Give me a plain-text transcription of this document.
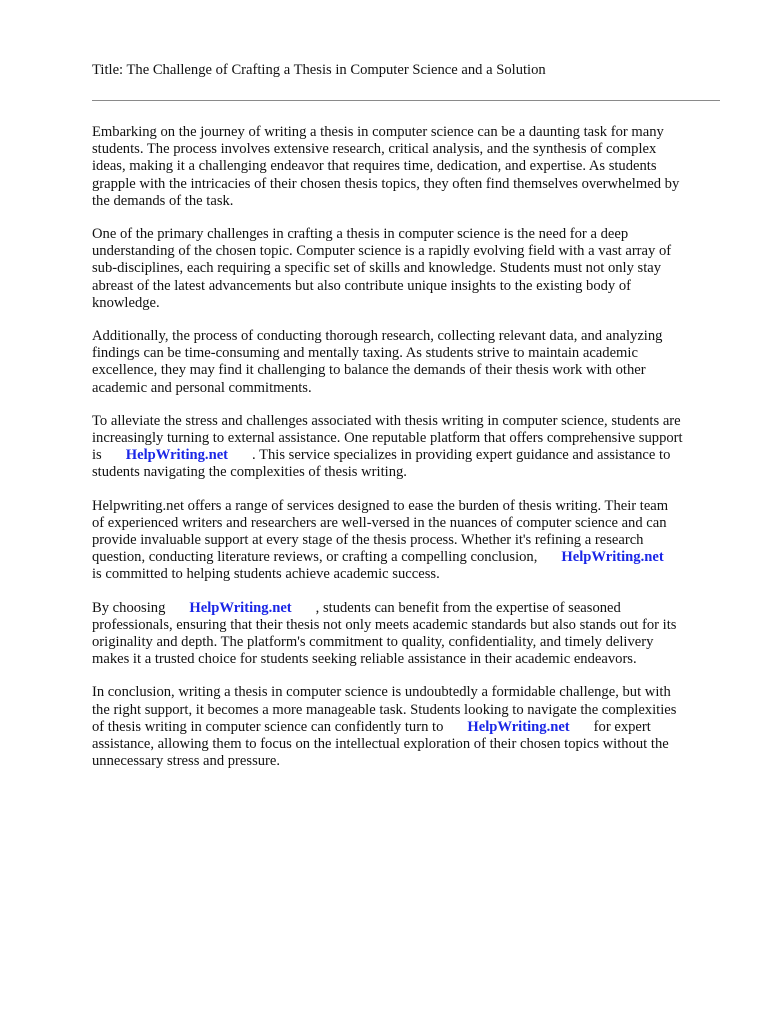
Title: The Challenge of Crafting a Thesis in Computer Science and a Solution

Embarking on the journey of writing a thesis in computer science can be a daunting task for many
students. The process involves extensive research, critical analysis, and the synthesis of complex
ideas, making it a challenging endeavor that requires time, dedication, and expertise. As students
grapple with the intricacies of their chosen thesis topics, they often find themselves overwhelmed by
the demands of the task.

One of the primary challenges in crafting a thesis in computer science is the need for a deep
understanding of the chosen topic. Computer science is a rapidly evolving field with a vast array of
sub-disciplines, each requiring a specific set of skills and knowledge. Students must not only stay
abreast of the latest advancements but also contribute unique insights to the existing body of
knowledge.

Additionally, the process of conducting thorough research, collecting relevant data, and analyzing
findings can be time-consuming and mentally taxing. As students strive to maintain academic
excellence, they may find it challenging to balance the demands of their thesis work with other
academic and personal commitments.

To alleviate the stress and challenges associated with thesis writing in computer science, students are
increasingly turning to external assistance. One reputable platform that offers comprehensive support
is HelpWriting.net . This service specializes in providing expert guidance and assistance to
students navigating the complexities of thesis writing.

Helpwriting.net offers a range of services designed to ease the burden of thesis writing. Their team
of experienced writers and researchers are well-versed in the nuances of computer science and can
provide invaluable support at every stage of the thesis process. Whether it's refining a research
question, conducting literature reviews, or crafting a compelling conclusion, HelpWriting.net
is committed to helping students achieve academic success.

By choosing HelpWriting.net , students can benefit from the expertise of seasoned
professionals, ensuring that their thesis not only meets academic standards but also stands out for its
originality and depth. The platform's commitment to quality, confidentiality, and timely delivery
makes it a trusted choice for students seeking reliable assistance in their academic endeavors.

In conclusion, writing a thesis in computer science is undoubtedly a formidable challenge, but with
the right support, it becomes a more manageable task. Students looking to navigate the complexities
of thesis writing in computer science can confidently turn to HelpWriting.net for expert
assistance, allowing them to focus on the intellectual exploration of their chosen topics without the
unnecessary stress and pressure.
